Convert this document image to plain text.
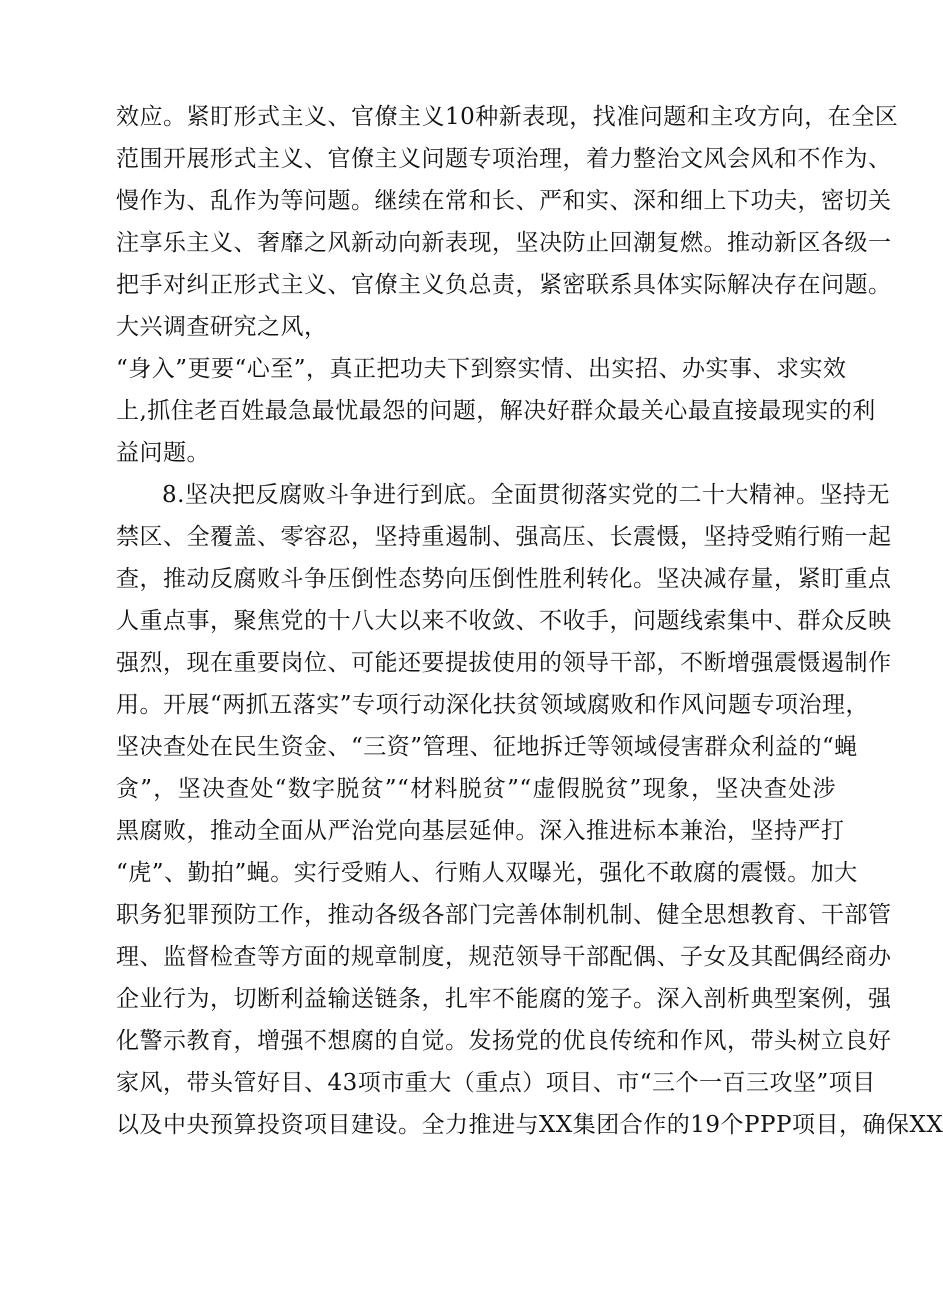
效应。紧盯形式主义、官僚主义10种新表现，找准问题和主攻方向，在全区
范围开展形式主义、官僚主义问题专项治理，着力整治文风会风和不作为、
慢作为、乱作为等问题。继续在常和长、严和实、深和细上下功夫，密切关
注享乐主义、奢靡之风新动向新表现，坚决防止回潮复燃。推动新区各级一
把手对纠正形式主义、官僚主义负总责，紧密联系具体实际解决存在问题。
大兴调查研究之风，
“身入”更要“心至”，真正把功夫下到察实情、出实招、办实事、求实效
上,抓住老百姓最急最忧最怨的问题，解决好群众最关心最直接最现实的利
益问题。
8.坚决把反腐败斗争进行到底。全面贯彻落实党的二十大精神。坚持无
禁区、全覆盖、零容忍，坚持重遏制、强高压、长震慑，坚持受贿行贿一起
查，推动反腐败斗争压倒性态势向压倒性胜利转化。坚决减存量，紧盯重点
人重点事，聚焦党的十八大以来不收敛、不收手，问题线索集中、群众反映
强烈，现在重要岗位、可能还要提拔使用的领导干部，不断增强震慑遏制作
用。开展“两抓五落实”专项行动深化扶贫领域腐败和作风问题专项治理，
坚决查处在民生资金、“三资”管理、征地拆迁等领域侵害群众利益的“蝇
贪”，坚决查处“数字脱贫”“材料脱贫”“虚假脱贫”现象，坚决查处涉
黑腐败，推动全面从严治党向基层延伸。深入推进标本兼治，坚持严打
“虎”、勤拍”蝇。实行受贿人、行贿人双曝光，强化不敢腐的震慑。加大
职务犯罪预防工作，推动各级各部门完善体制机制、健全思想教育、干部管
理、监督检查等方面的规章制度，规范领导干部配偶、子女及其配偶经商办
企业行为，切断利益输送链条，扎牢不能腐的笼子。深入剖析典型案例，强
化警示教育，增强不想腐的自觉。发扬党的优良传统和作风，带头树立良好
家风，带头管好目、43项市重大（重点）项目、市“三个一百三攻坚”项目
以及中央预算投资项目建设。全力推进与XX集团合作的19个PPP项目，确保XX
